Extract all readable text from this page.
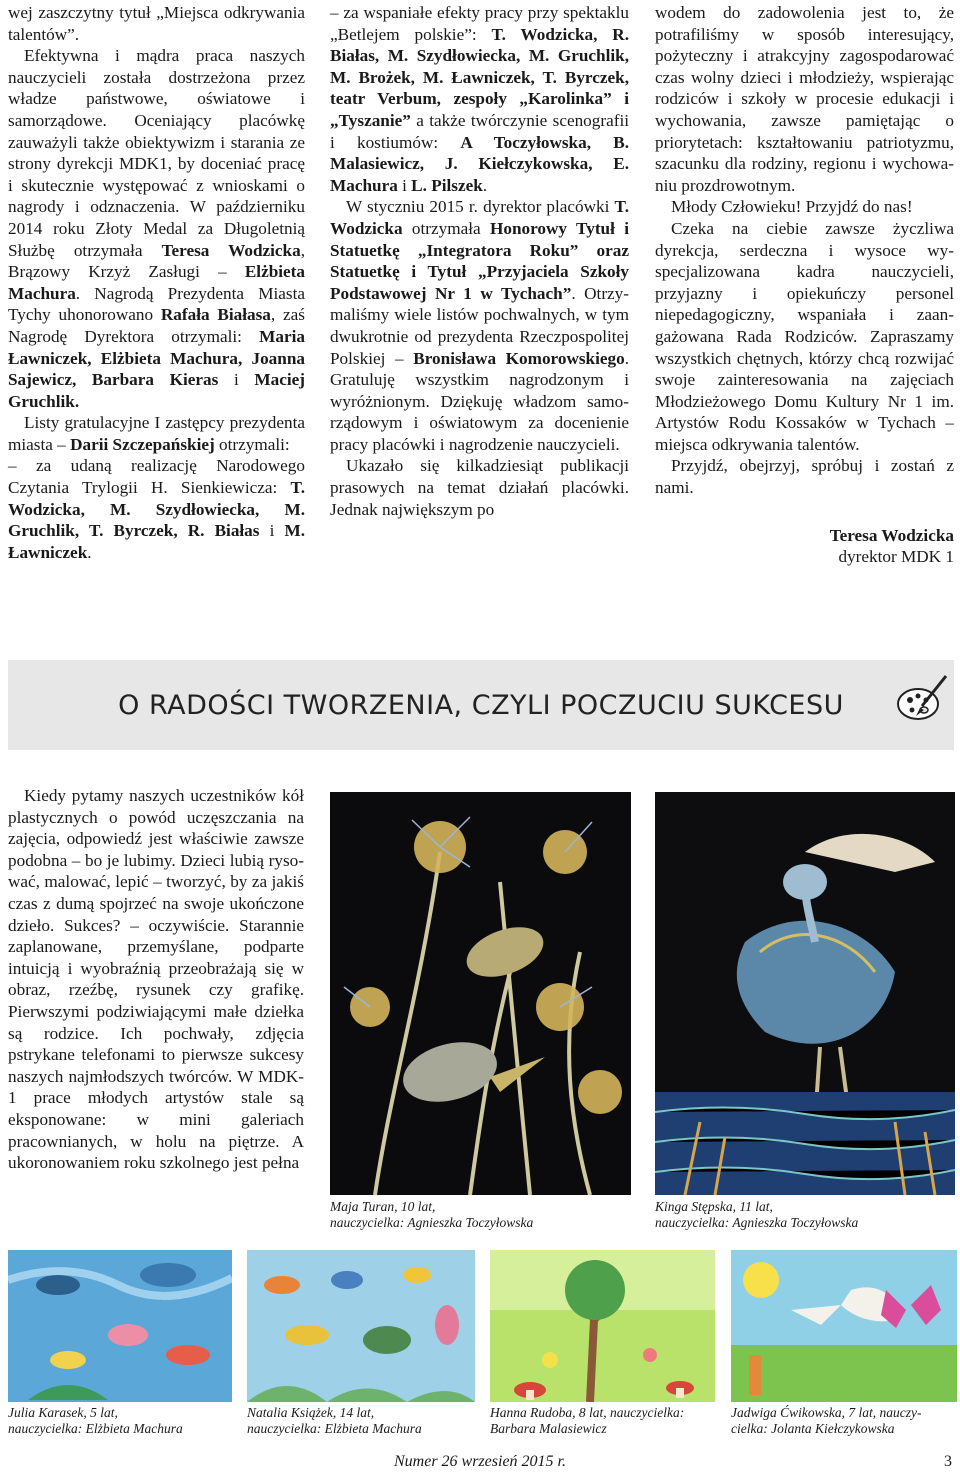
wej zaszczytny tytuł „Miejsca odkrywania talentów”.

Efektywna i mądra praca naszych nauczycieli została dostrzeżona przez władze państwowe, oświatowe i samorządowe. Oceniający placówkę zauważyli także obiektywizm i starania ze strony dyrekcji MDK1, by doceniać pracę i skutecznie występować z wnioskami o nagrody i odznaczenia. W październiku 2014 roku Złoty Medal za Długoletnią Służbę otrzymała Teresa Wodzicka, Brązowy Krzyż Zasługi – Elżbieta Machura. Nagrodą Prezydenta Miasta Tychy uhonorowano Rafała Białasa, zaś Nagrodę Dyrektora otrzymali: Maria Ławniczek, Elżbieta Machura, Joanna Sajewicz, Barbara Kieras i Maciej Gruchlik.

Listy gratulacyjne I zastępcy prezydenta miasta – Darii Szczepańskiej otrzymali:

– za udaną realizację Narodowego Czytania Trylogii H. Sienkiewicza: T. Wodzicka, M. Szydłowiecka, M. Gruchlik, T. Byrczek, R. Białas i M. Ławniczek.

– za wspaniałe efekty pracy przy spektaklu „Betlejem polskie”: T. Wodzicka, R. Białas, M. Szydłowiecka, M. Gruchlik, M. Brożek, M. Ławniczek, T. Byrczek, teatr Verbum, zespoły „Karolinka” i „Tyszanie” a także twórczynie scenografii i kostiumów: A Toczyłowska, B. Malasiewicz, J. Kiełczykowska, E. Machura i L. Pilszek.

W styczniu 2015 r. dyrektor placówki T. Wodzicka otrzymała Honorowy Tytuł i Statuetkę „Integratora Roku” oraz Statuetkę i Tytuł „Przyjaciela Szkoły Podstawowej Nr 1 w Tychach”. Otrzymaliśmy wiele listów pochwalnych, w tym dwukrotnie od prezydenta Rzeczpospolitej Polskiej – Bronisława Komorowskiego. Gratuluję wszystkim nagrodzonym i wyróżnionym. Dziękuję władzom samorządowym i oświatowym za docenienie pracy placówki i nagrodzenie nauczycieli.

Ukazało się kilkadziesiąt publikacji prasowych na temat działań placówki. Jednak największym po

wodem do zadowolenia jest to, że potrafiliśmy w sposób interesujący, pożyteczny i atrakcyjny zagospodarować czas wolny dzieci i młodzieży, wspierając rodziców i szkoły w procesie edukacji i wychowania, zawsze pamiętając o priorytetach: kształtowaniu patriotyzmu, szacunku dla rodziny, regionu i wychowaniu prozdrowotnym.

Młody Człowieku! Przyjdź do nas!

Czeka na ciebie zawsze życzliwa dyrekcja, serdeczna i wysoce wyspecjalizowana kadra nauczycieli, przyjazny i opiekuńczy personel niepedagogiczny, wspaniała i zaangażowana Rada Rodziców. Zapraszamy wszystkich chętnych, którzy chcą rozwijać swoje zainteresowania na zajęciach Młodzieżowego Domu Kultury Nr 1 im. Artystów Rodu Kossaków w Tychach – miejsca odkrywania talentów.

Przyjdź, obejrzyj, spróbuj i zostań z nami.

Teresa Wodzicka
dyrektor MDK 1
O RADOŚCI TWORZENIA, CZYLI POCZUCIU SUKCESU

Kiedy pytamy naszych uczestników kół plastycznych o powód uczęszczania na zajęcia, odpowiedź jest właściwie zawsze podobna – bo je lubimy. Dzieci lubią rysować, malować, lepić – tworzyć, by za jakiś czas z dumą spojrzeć na swoje ukończone dzieło. Sukces? – oczywiście. Starannie zaplanowane, przemyślane, podparte intuicją i wyobraźnią przeobrażają się w obraz, rzeźbę, rysunek czy grafikę. Pierwszymi podziwiającymi małe dziełka są rodzice. Ich pochwały, zdjęcia pstrykane telefonami to pierwsze sukcesy naszych najmłodszych twórców. W MDK-1 prace młodych artystów stale są eksponowane: w mini galeriach pracownianych, w holu na piętrze. A ukoronowaniem roku szkolnego jest pełna

Maja Turan, 10 lat,
nauczycielka: Agnieszka Toczyłowska
Kinga Stępska, 11 lat,
nauczycielka: Agnieszka Toczyłowska
Julia Karasek, 5 lat,
nauczycielka: Elżbieta Machura
Natalia Książek, 14 lat,
nauczycielka: Elżbieta Machura
Hanna Rudoba, 8 lat, nauczycielka:
Barbara Malasiewicz
Jadwiga Ćwikowska, 7 lat, nauczy-
cielka: Jolanta Kiełczykowska
Numer 26 wrzesień 2015 r.	3
